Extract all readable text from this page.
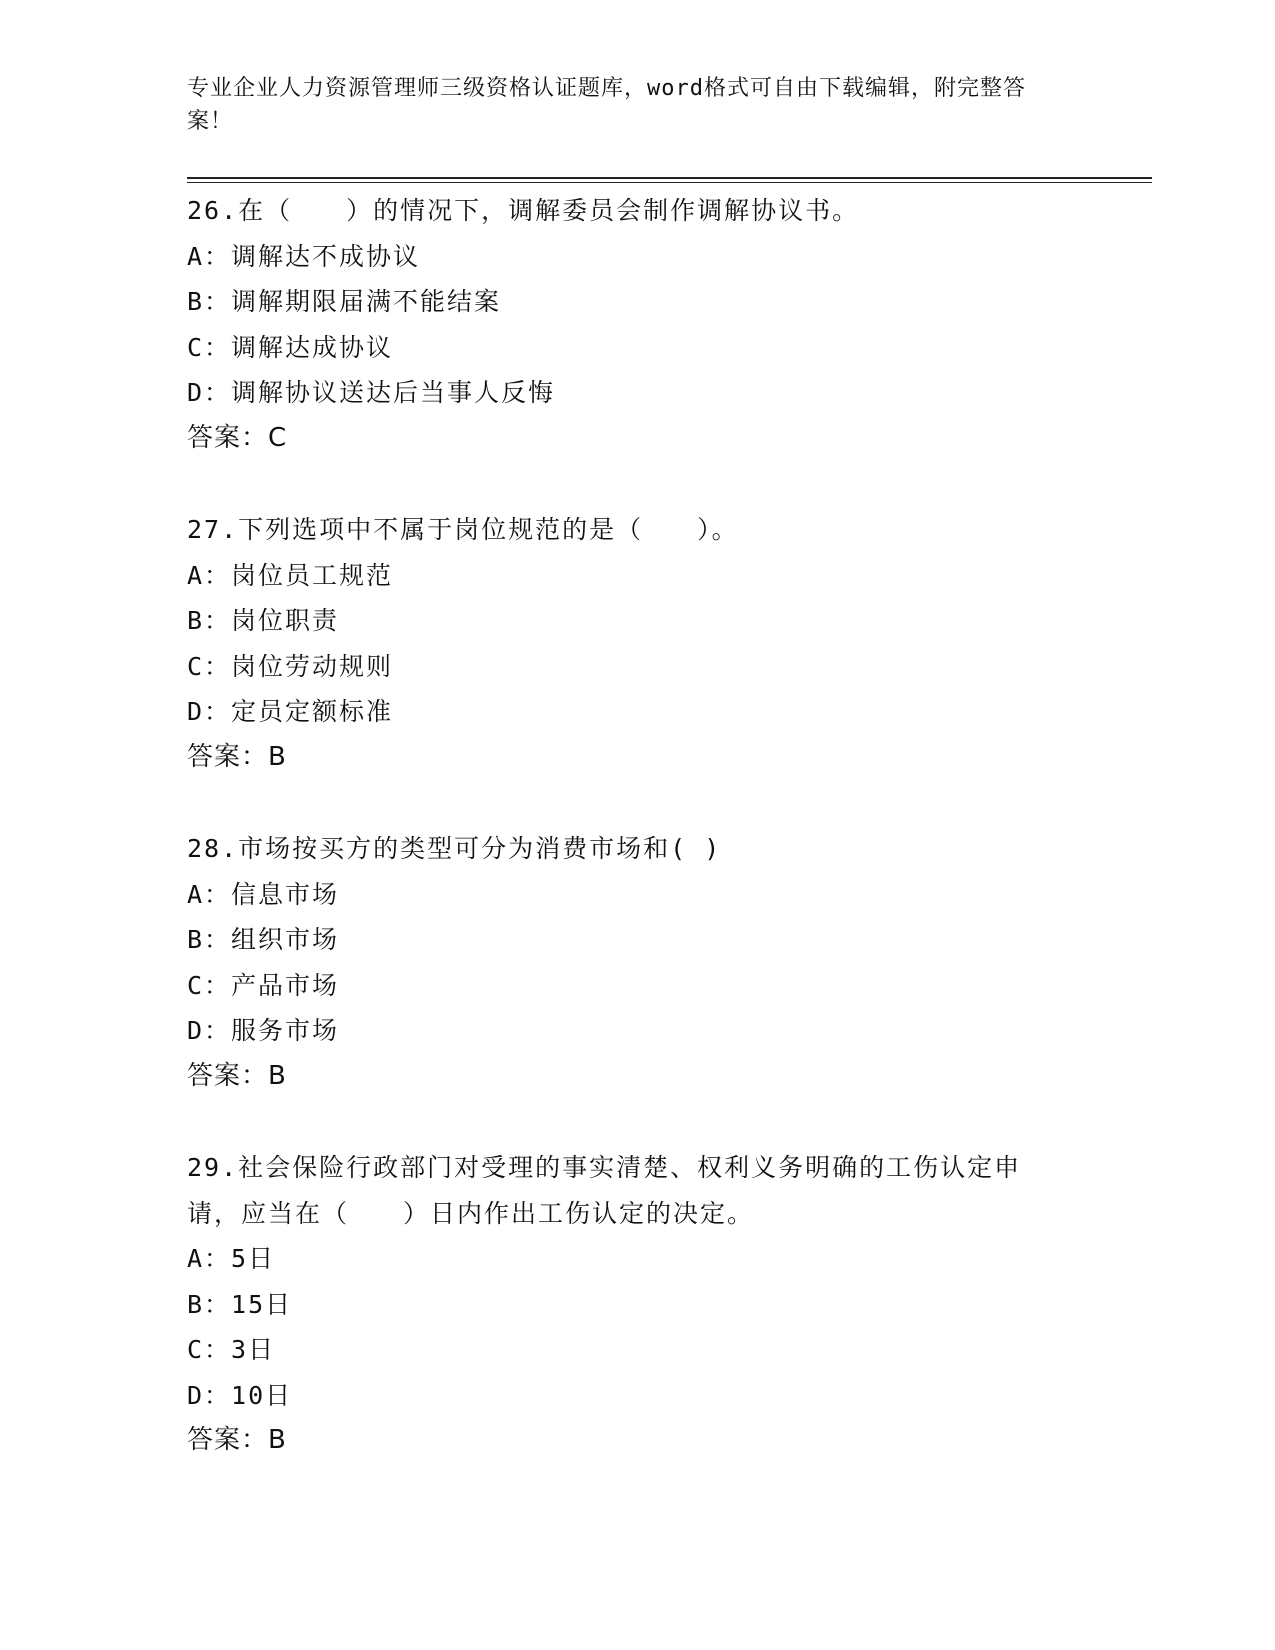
专业企业人力资源管理师三级资格认证题库，word格式可自由下载编辑，附完整答案！
26.在（　　）的情况下，调解委员会制作调解协议书。
A：调解达不成协议
B：调解期限届满不能结案
C：调解达成协议
D：调解协议送达后当事人反悔
答案：C
27.下列选项中不属于岗位规范的是（　　）。
A：岗位员工规范
B：岗位职责
C：岗位劳动规则
D：定员定额标准
答案：B
28.市场按买方的类型可分为消费市场和( )
A：信息市场
B：组织市场
C：产品市场
D：服务市场
答案：B
29.社会保险行政部门对受理的事实清楚、权利义务明确的工伤认定申请，应当在（　　）日内作出工伤认定的决定。
A：5日
B：15日
C：3日
D：10日
答案：B
